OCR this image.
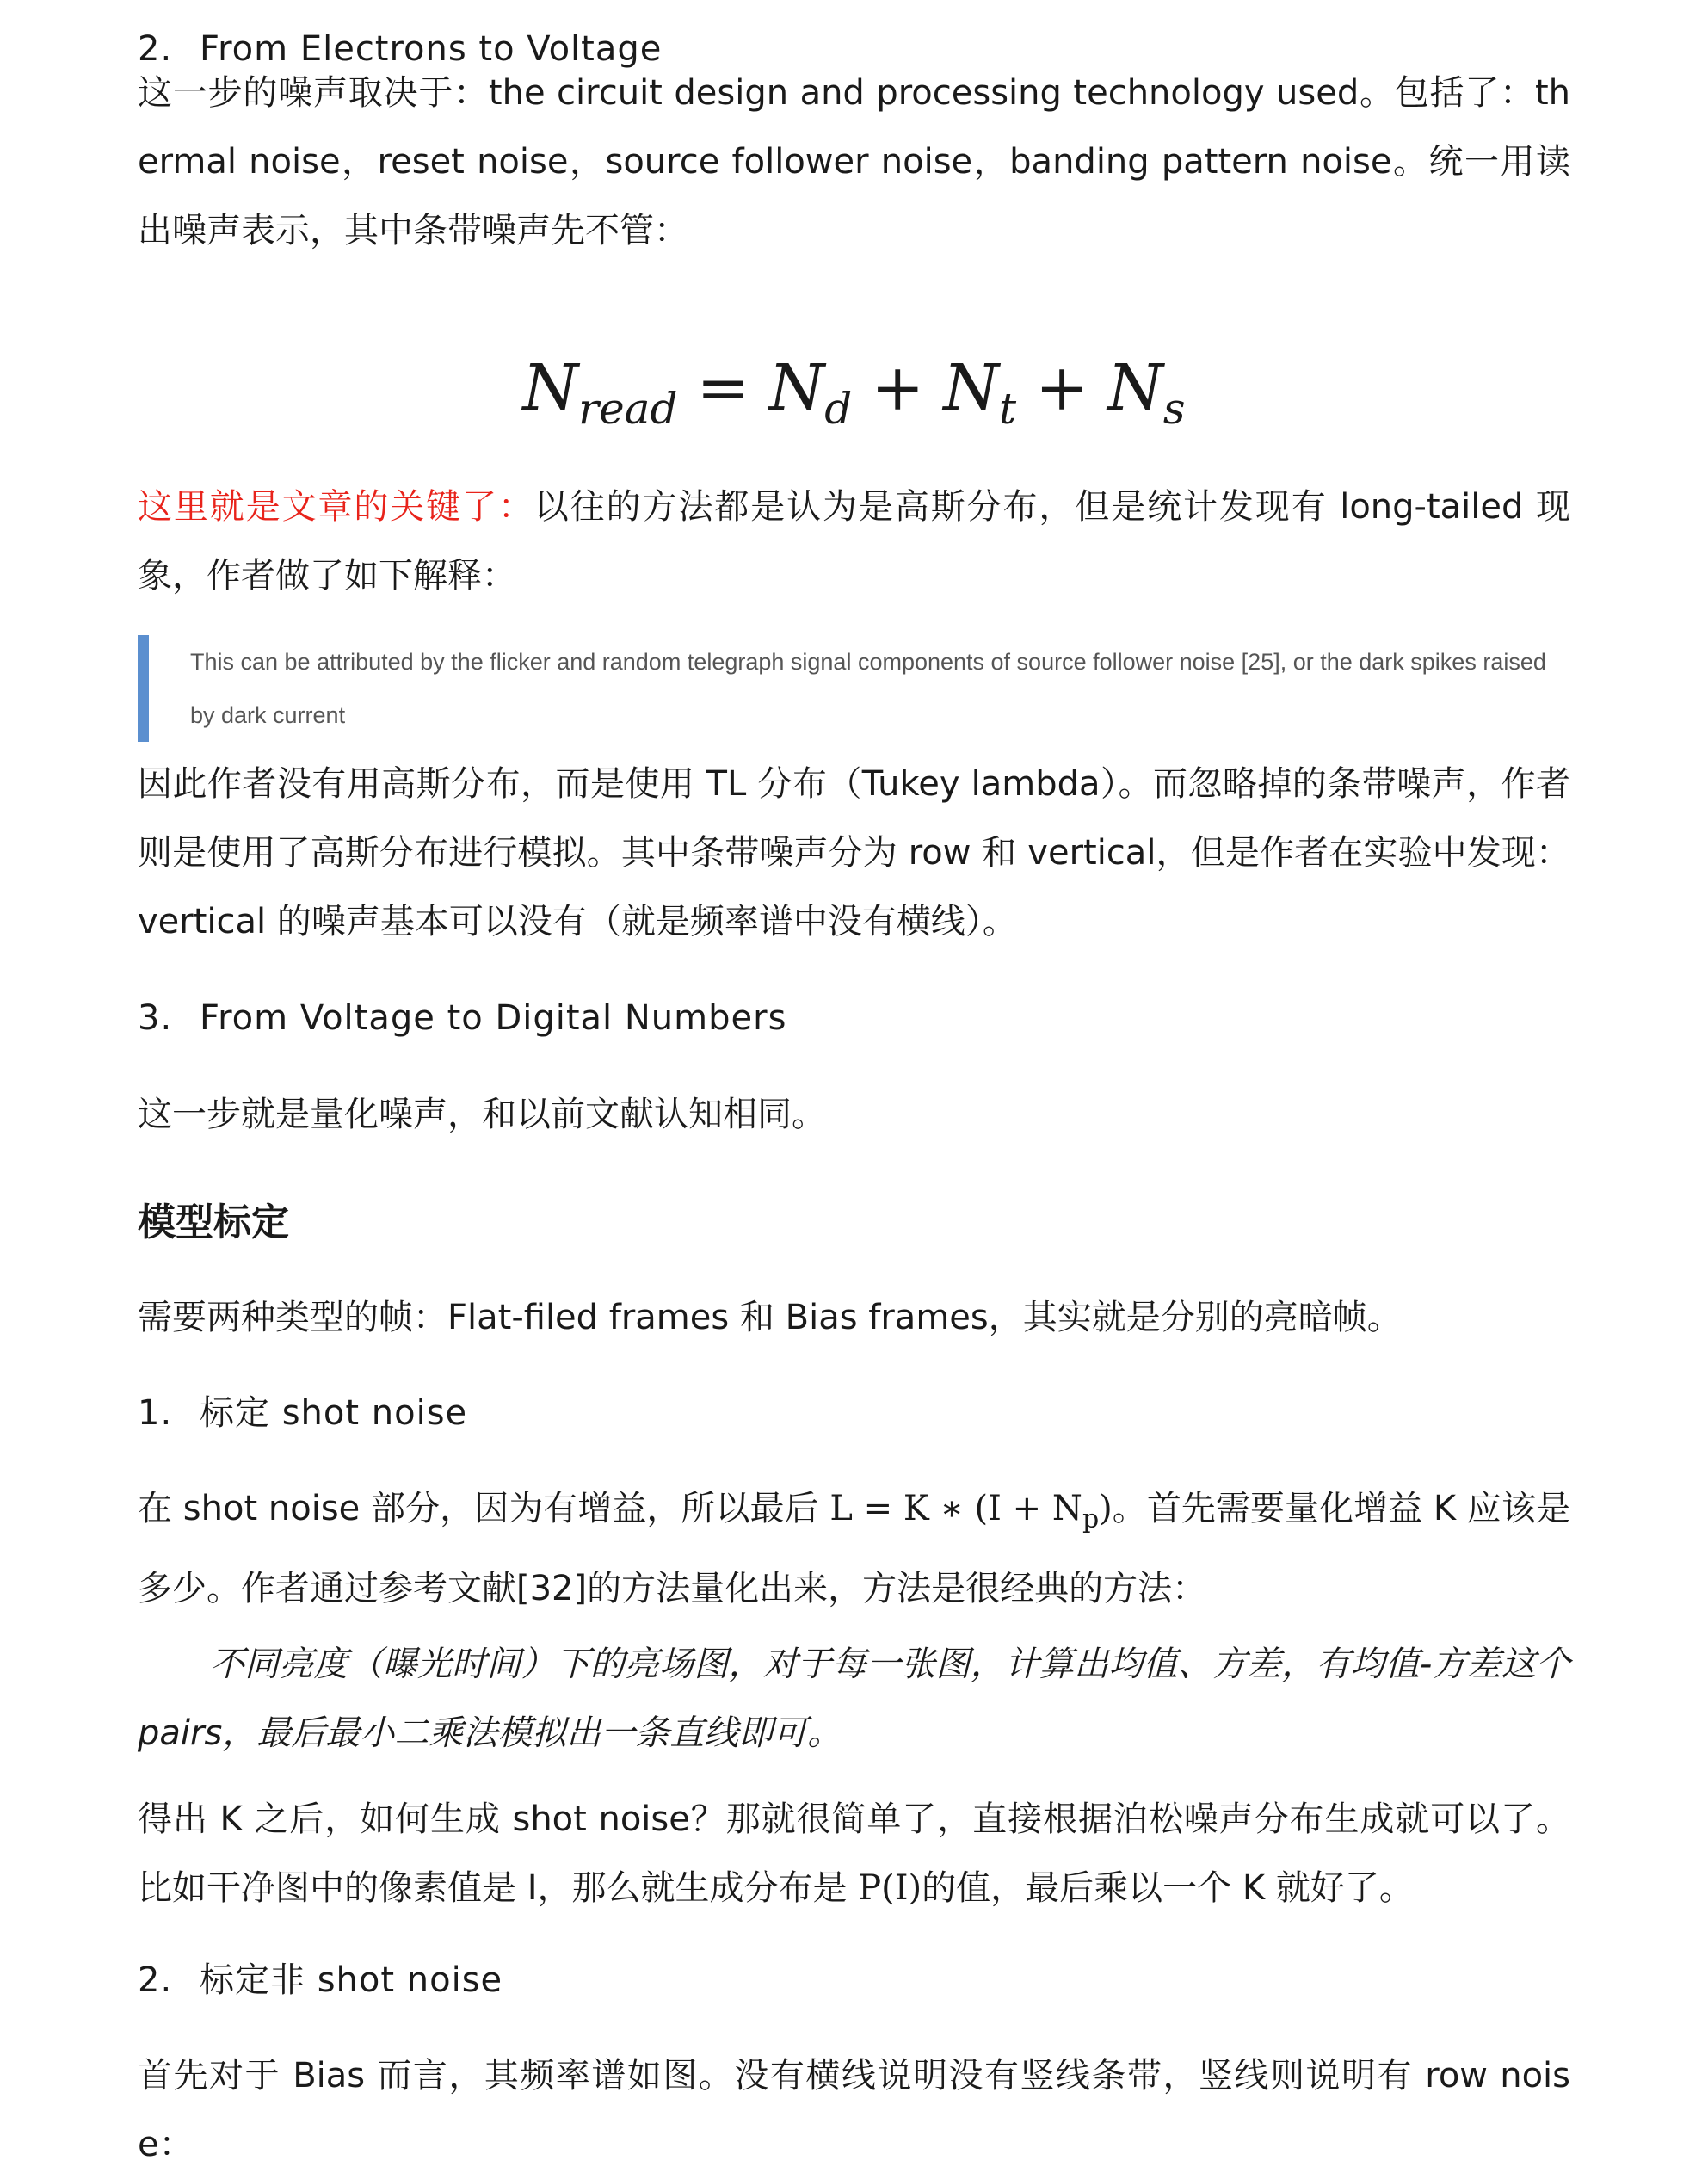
2. From Electrons to Voltage
这一步的噪声取决于：the circuit design and processing technology used。包括了：thermal noise，reset noise，source follower noise，banding pattern noise。统一用读出噪声表示，其中条带噪声先不管：
$N_{read} = N_d + N_t + N_s$
这里就是文章的关键了：以往的方法都是认为是高斯分布，但是统计发现有 long-tailed 现象，作者做了如下解释：
This can be attributed by the flicker and random telegraph signal components of source follower noise [25], or the dark spikes raised by dark current
因此作者没有用高斯分布，而是使用 TL 分布（Tukey lambda）。而忽略掉的条带噪声，作者则是使用了高斯分布进行模拟。其中条带噪声分为 row 和 vertical，但是作者在实验中发现：vertical 的噪声基本可以没有（就是频率谱中没有横线）。
3. From Voltage to Digital Numbers
这一步就是量化噪声，和以前文献认知相同。
模型标定
需要两种类型的帧：Flat-filed frames 和 Bias frames，其实就是分别的亮暗帧。
1. 标定 shot noise
在 shot noise 部分，因为有增益，所以最后 L = K ∗ $(I + N_p)$。首先需要量化增益 K 应该是多少。作者通过参考文献[32]的方法量化出来，方法是很经典的方法：
不同亮度（曝光时间）下的亮场图，对于每一张图，计算出均值、方差，有均值-方差这个pairs，最后最小二乘法模拟出一条直线即可。
得出 K 之后，如何生成 shot noise？那就很简单了，直接根据泊松噪声分布生成就可以了。比如干净图中的像素值是 I，那么就生成分布是 P(I)的值，最后乘以一个 K 就好了。
2. 标定非 shot noise
首先对于 Bias 而言，其频率谱如图。没有横线说明没有竖线条带，竖线则说明有 row noise：
